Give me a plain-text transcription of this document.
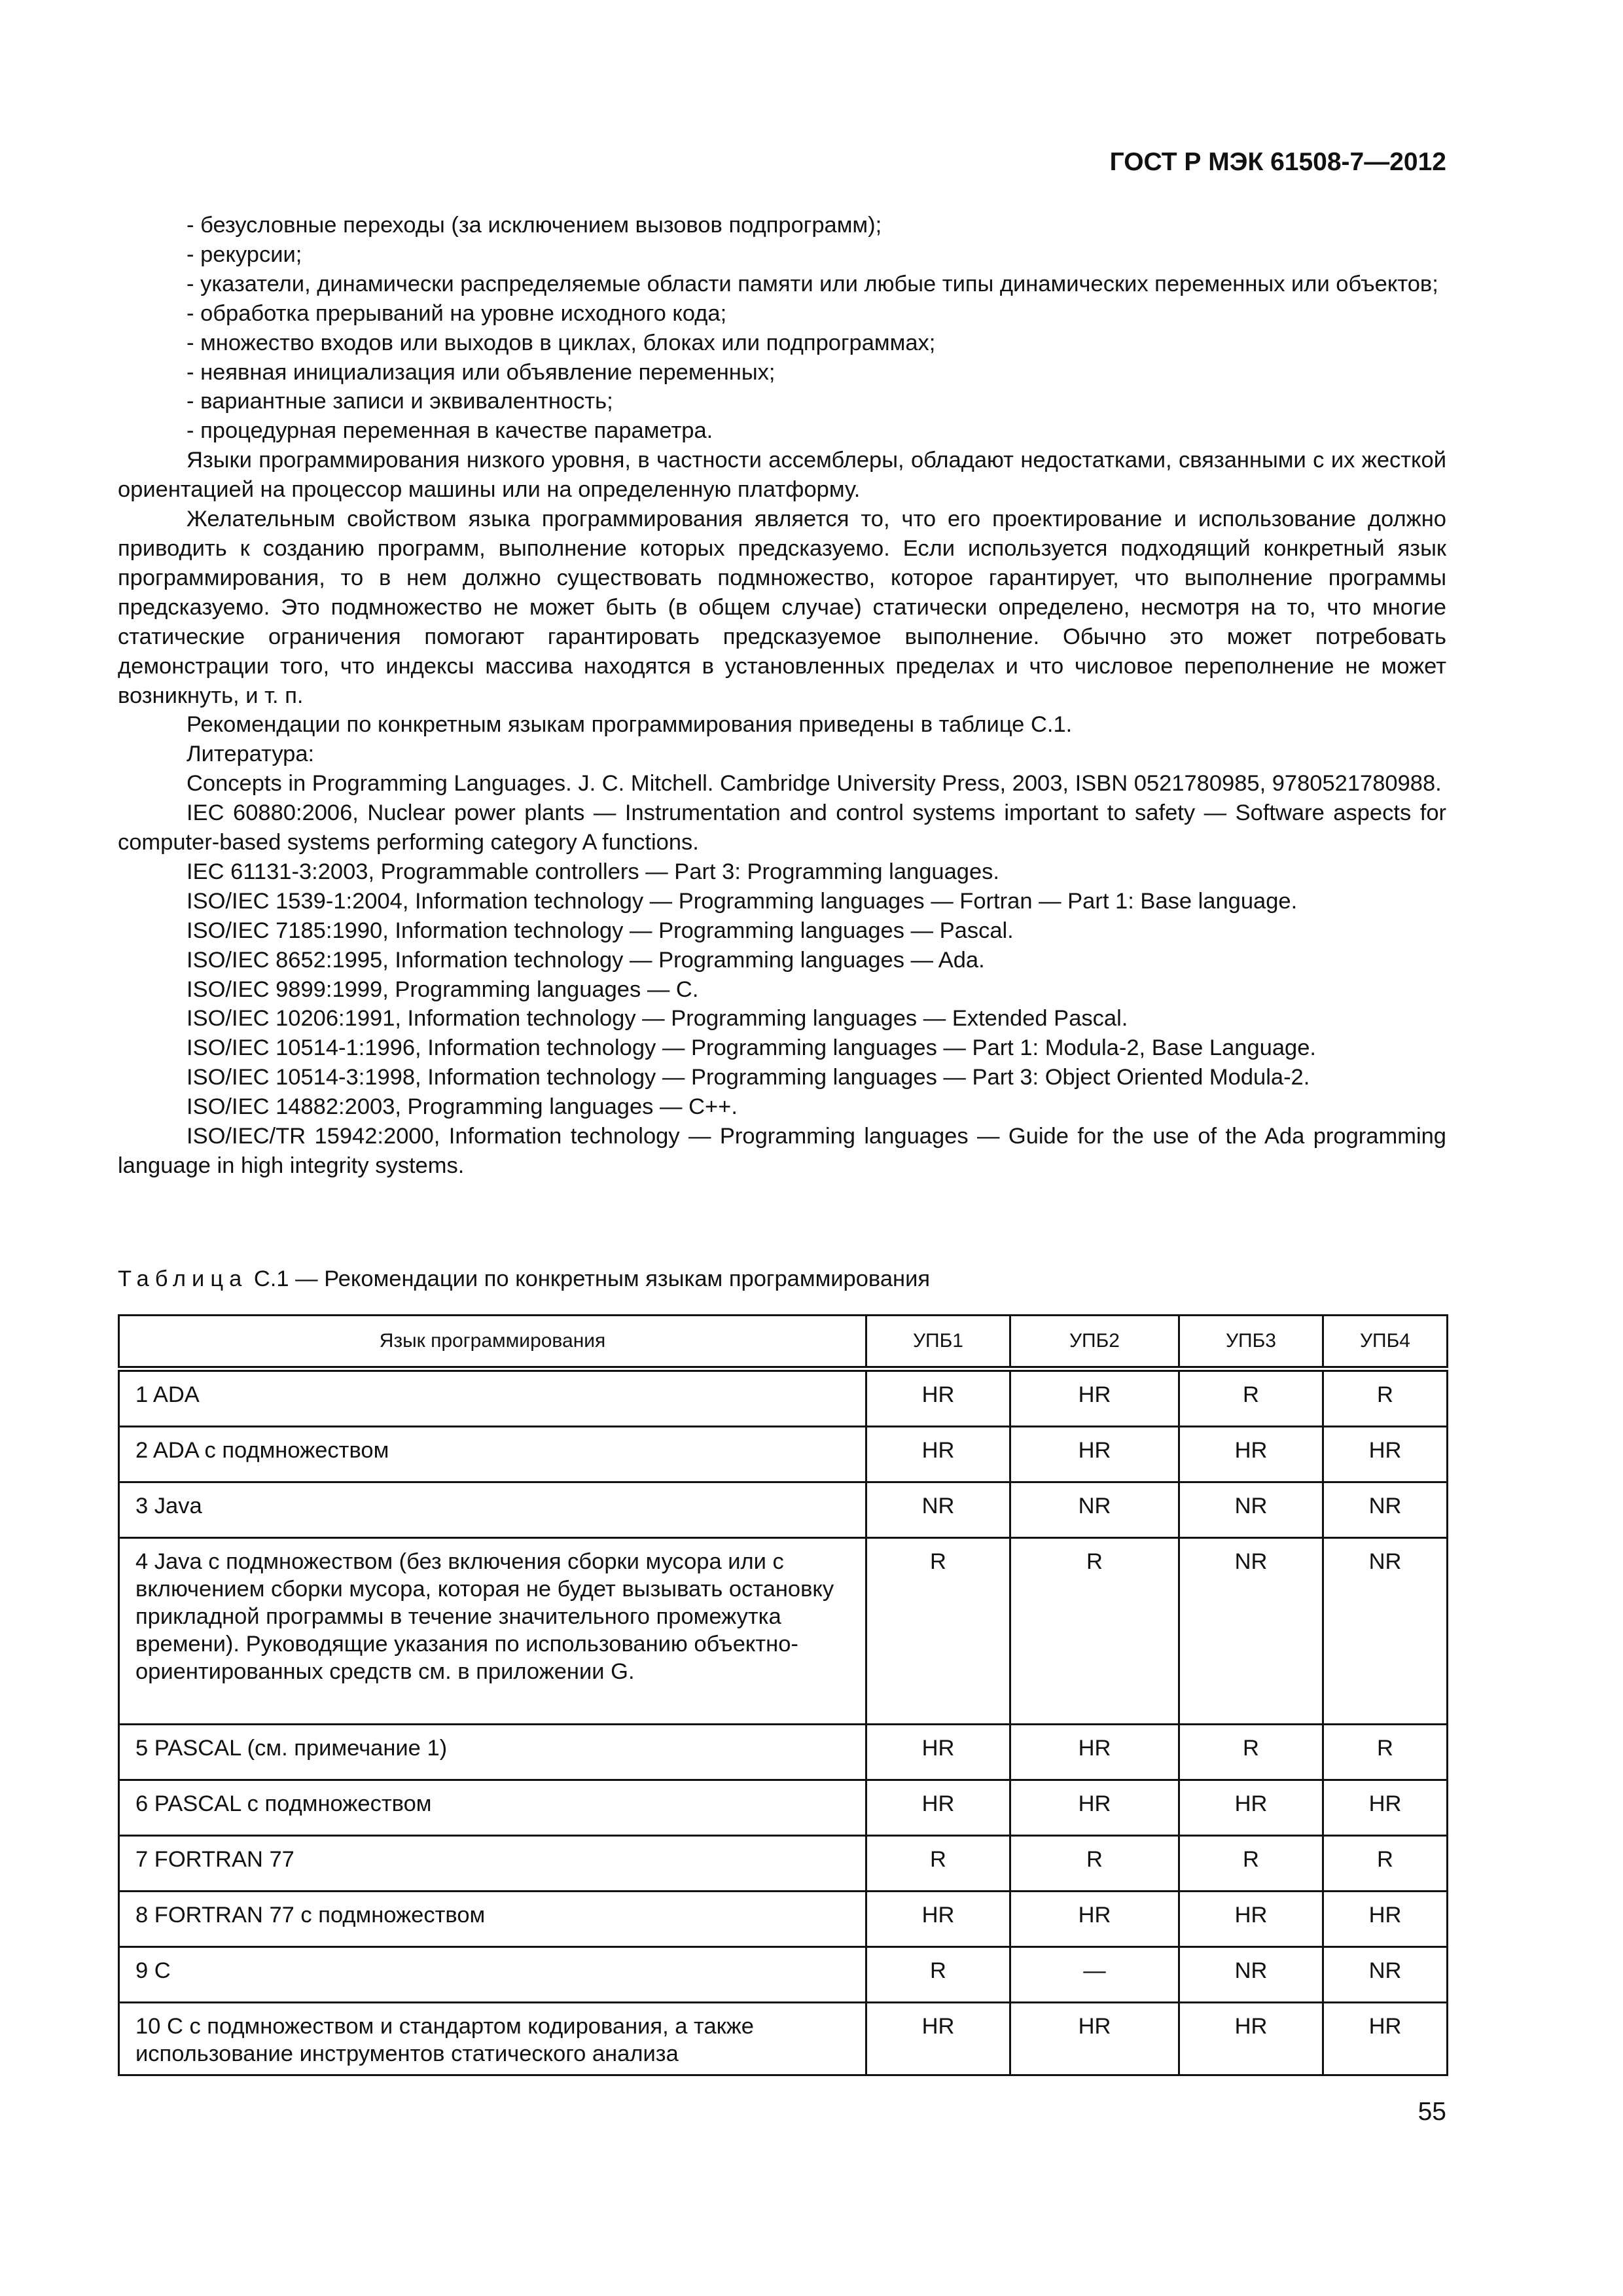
ГОСТ Р МЭК 61508-7—2012

- безусловные переходы (за исключением вызовов подпрограмм);

- рекурсии;

- указатели, динамически распределяемые области памяти или любые типы динамических переменных или объектов;

- обработка прерываний на уровне исходного кода;

- множество входов или выходов в циклах, блоках или подпрограммах;

- неявная инициализация или объявление переменных;

- вариантные записи и эквивалентность;

- процедурная переменная в качестве параметра.

Языки программирования низкого уровня, в частности ассемблеры, обладают недостатками, связанными с их жесткой ориентацией на процессор машины или на определенную платформу.

Желательным свойством языка программирования является то, что его проектирование и использование должно приводить к созданию программ, выполнение которых предсказуемо. Если используется подходящий конкретный язык программирования, то в нем должно существовать подмножество, которое гарантирует, что выполнение программы предсказуемо. Это подмножество не может быть (в общем случае) статически определено, несмотря на то, что многие статические ограничения помогают гарантировать предсказуемое выполнение. Обычно это может потребовать демонстрации того, что индексы массива находятся в установленных пределах и что числовое переполнение не может возникнуть, и т. п.

Рекомендации по конкретным языкам программирования приведены в таблице С.1.

Литература:

Concepts in Programming Languages. J. C. Mitchell. Cambridge University Press, 2003, ISBN 0521780985, 9780521780988.

IEC 60880:2006, Nuclear power plants — Instrumentation and control systems important to safety — Software aspects for computer-based systems performing category A functions.

IEC 61131-3:2003, Programmable controllers — Part 3: Programming languages.

ISO/IEC 1539-1:2004, Information technology — Programming languages — Fortran — Part 1: Base language.

ISO/IEC 7185:1990, Information technology — Programming languages — Pascal.

ISO/IEC 8652:1995, Information technology — Programming languages — Ada.

ISO/IEC 9899:1999, Programming languages — C.

ISO/IEC 10206:1991, Information technology — Programming languages — Extended Pascal.

ISO/IEC 10514-1:1996, Information technology — Programming languages — Part 1: Modula-2, Base Language.

ISO/IEC 10514-3:1998, Information technology — Programming languages — Part 3: Object Oriented Modula-2.

ISO/IEC 14882:2003, Programming languages — C++.

ISO/IEC/TR 15942:2000, Information technology — Programming languages — Guide for the use of the Ada programming language in high integrity systems.

Таблица С.1 — Рекомендации по конкретным языкам программирования
Язык программирования	УПБ1	УПБ2	УПБ3	УПБ4
1 ADA	HR	HR	R	R
2 ADA с подмножеством	HR	HR	HR	HR
3 Java	NR	NR	NR	NR
4 Java с подмножеством (без включения сборки мусора или с включением сборки мусора, которая не будет вызывать остановку прикладной программы в течение значительного промежутка времени). Руководящие указания по использованию объектно-ориентированных средств см. в приложении G.	R	R	NR	NR
5 PASCAL (см. примечание 1)	HR	HR	R	R
6 PASCAL с подмножеством	HR	HR	HR	HR
7 FORTRAN 77	R	R	R	R
8 FORTRAN 77 с подмножеством	HR	HR	HR	HR
9 C	R	—	NR	NR
10 С с подмножеством и стандартом кодирования, а также использование инструментов статического анализа	HR	HR	HR	HR
55
